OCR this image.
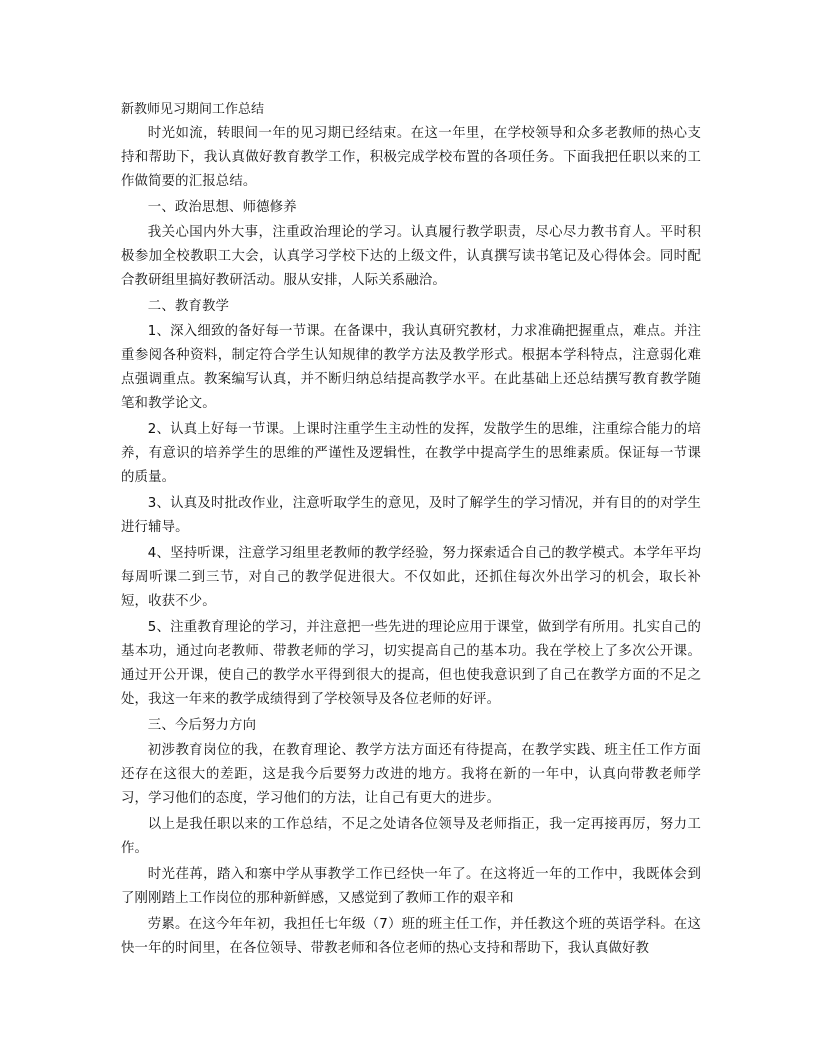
新教师见习期间工作总结

时光如流，转眼间一年的见习期已经结束。在这一年里，在学校领导和众多老教师的热心支持和帮助下，我认真做好教育教学工作，积极完成学校布置的各项任务。下面我把任职以来的工作做简要的汇报总结。

一、政治思想、师德修养

我关心国内外大事，注重政治理论的学习。认真履行教学职责，尽心尽力教书育人。平时积极参加全校教职工大会，认真学习学校下达的上级文件，认真撰写读书笔记及心得体会。同时配合教研组里搞好教研活动。服从安排，人际关系融洽。

二、教育教学

1、深入细致的备好每一节课。在备课中，我认真研究教材，力求准确把握重点，难点。并注重参阅各种资料，制定符合学生认知规律的教学方法及教学形式。根据本学科特点，注意弱化难点强调重点。教案编写认真，并不断归纳总结提高教学水平。在此基础上还总结撰写教育教学随笔和教学论文。

2、认真上好每一节课。上课时注重学生主动性的发挥，发散学生的思维，注重综合能力的培养，有意识的培养学生的思维的严谨性及逻辑性，在教学中提高学生的思维素质。保证每一节课的质量。

3、认真及时批改作业，注意听取学生的意见，及时了解学生的学习情况，并有目的的对学生进行辅导。

4、坚持听课，注意学习组里老教师的教学经验，努力探索适合自己的教学模式。本学年平均每周听课二到三节，对自己的教学促进很大。不仅如此，还抓住每次外出学习的机会，取长补短，收获不少。

5、注重教育理论的学习，并注意把一些先进的理论应用于课堂，做到学有所用。扎实自己的基本功，通过向老教师、带教老师的学习，切实提高自己的基本功。我在学校上了多次公开课。通过开公开课，使自己的教学水平得到很大的提高，但也使我意识到了自己在教学方面的不足之处，我这一年来的教学成绩得到了学校领导及各位老师的好评。

三、今后努力方向

初涉教育岗位的我，在教育理论、教学方法方面还有待提高，在教学实践、班主任工作方面还存在这很大的差距，这是我今后要努力改进的地方。我将在新的一年中，认真向带教老师学习，学习他们的态度，学习他们的方法，让自己有更大的进步。

以上是我任职以来的工作总结，不足之处请各位领导及老师指正，我一定再接再厉，努力工作。

时光荏苒，踏入和寨中学从事教学工作已经快一年了。在这将近一年的工作中，我既体会到了刚刚踏上工作岗位的那种新鲜感，又感觉到了教师工作的艰辛和

劳累。在这今年年初，我担任七年级（7）班的班主任工作，并任教这个班的英语学科。在这快一年的时间里，在各位领导、带教老师和各位老师的热心支持和帮助下，我认真做好教
